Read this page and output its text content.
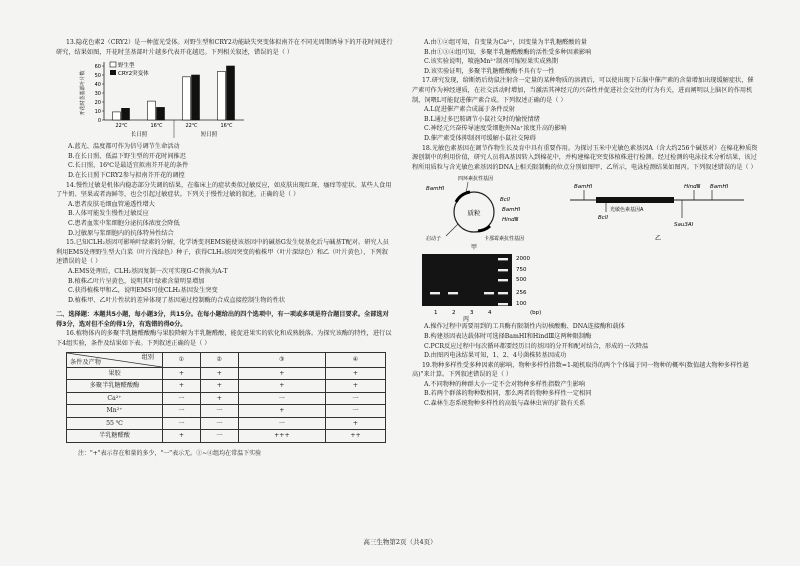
13.隐花色素2（CRY2）是一种蓝光受体。对野生型和CRY2功能缺失突变体拟南芥在不同光周期诱导下的开花时间进行研究，结果如图，开花时茎基部叶片越多代表开花越迟。下列相关叙述，错误的是（ ）

0
10
20
30
40
50
60
开花时茎基部叶片数
22℃	16℃	22℃	16℃
长日照	短日照
野生型
CRY2突变体

A.蓝光、温度都可作为信号调节生命活动

B.在长日照、低温下野生型的开花时间推迟

C.长日照、16℃是最适宜拟南芥开花的条件

D.在长日照下CRY2参与拟南芥开花的调控

14.慢性过敏是机体内稳态部分失调的结果，在临床上的症状类似过敏反应，如皮肤出现红斑、瘙痒等症状。某些人食用了牛奶、坚果或者海鲜等，也会引起过敏症状。下列关于慢性过敏的叙述，正确的是（ ）

A.患者皮肤毛细血管通透性增大

B.人体可能发生慢性过敏反应

C.患者血浆中浆细胞分泌抗体浓度会降低

D.过敏原与浆细胞内的抗体特异性结合

15.已知CLH₂基因可影响叶绿素的分解，化学诱变剂EMS能使该基因中的碱基G发生烷基化后与碱基T配对。研究人员利用EMS处理野生型大白菜（叶片浅绿色）种子，获得CLH₂基因突变的植株甲（叶片深绿色）和乙（叶片黄色），下列叙述错误的是（ ）

A.EMS处理后，CLH₂基因复制一次可实现G-C替换为A-T

B.植株乙叶片呈黄色，说明其叶绿素含量明显增加

C.获得植株甲和乙，说明EMS可使CLH₂基因发生突变

D.植株甲、乙叶片性状的差异体现了基因通过控制酶的合成直接控制生物的性状

二、选择题：本题共5小题，每小题3分，共15分。在每小题给出的四个选项中，有一项或多项是符合题目要求。全部选对得3分，选对但不全的得1分，有选错的得0分。

16.植物体内的多聚半乳糖醛酸酶与果胶降解为半乳糖醛酸，能促进果实的软化和成熟脱落。为探究该酶的特性，进行以下4组实验，条件及结果如下表。下列叙述正确的是（ ）

组别
条件及产物	①	②	③	④
果胶	+	+	+	+
多聚半乳糖醛酸酶	+	+	+	+
Ca²⁺	一	+	一	一
Mn²⁺	一	一	+	一
55 ℃	一	一	一	+
半乳糖醛酸	+	一	+++	++

注："+"表示存在和量的多少，"一"表示无。①~④组均在常温下实验

A.由①②组可知，自变量为Ca²⁺，因变量为半乳糖醛酸的量

B.由①③④组可知，多聚半乳糖醛酸酶的活性受多种因素影响

C.该实验说明，喷施Mn²⁺制剂可缩短果实成熟期

D.该实验证明，多聚半乳糖醛酸酶不具有专一性

17.研究发现，给断奶后幼鼠注射含一定量的某种物质的溶液后，可以使出现下丘脑中催产素的含量增加出现缓解症状，催产素可作为神经递质，在社交活动时增加，当激活其神经元的兴奋性并促进社会交往的行为有关，进而阐明以上脑区的作用机制，饲喂L可能促进催产素合成。下列叙述正确的是（ ）

A.L促进催产素合成属于条件反射

B.L通过多巴胺调节小鼠社交时的愉悦情绪

C.神经元兴奋传导速度受细胞外Na⁺浓度升高的影响

D.催产素受体抑制剂可缓解小鼠社交障碍

18.光敏色素基因在调节作物生长及育中具有重要作用。为探讨玉米中光敏色素基因A（含大约256个碱基对）在棉花种质资源创制中的利用价值，研究人员将A基因转入到棉花中，并构建棉花突变体植株进行检测。经过检测的电泳技术分析结果，该过程所用质粒与含光敏色素基因的DNA上相关限制酶的位点分别如图甲、乙所示，电泳检测结果如图丙。下列叙述错误的是（ ）

质粒
BamHⅠ
BclⅠ
BamHⅠ
HindⅢ
四环素抗性基因
卡那霉素抗性基因
启动子
甲
BamHⅠ
BclⅠ
HindⅢ BamHⅠ
Sau3AⅠ
光敏色素基因A
乙
2000
750
500
256
100
(bp)
1	2	3	4
丙

A.操作过程中需要用到的工具酶有限制性内切核酸酶、DNA连接酶和载体

B.构建基因表达载体时可选择BamHⅠ和HindⅢ这两种限制酶

C.PCR反应过程中每次循环都要经历目的基因的分开和配对结合，形成的一次降温

D.由图丙电泳结果可知，1、2、4号菌株转基因成功

19.物种多样性受多种因素的影响，物种多样性指数=1-随机取得的两个个体属于同一物种的概率(数值越大物种多样性越高)"来计算。下列叙述错误的是（ ）

A.不同物种的种群大小一定不会对物种多样性指数产生影响

B.若两个群落的物种数相同，那么两者的物种多样性一定相同

C.森林生态系统物种多样性的高低与森林虫害的扩散有关系

高三生物第2页（共4页）
